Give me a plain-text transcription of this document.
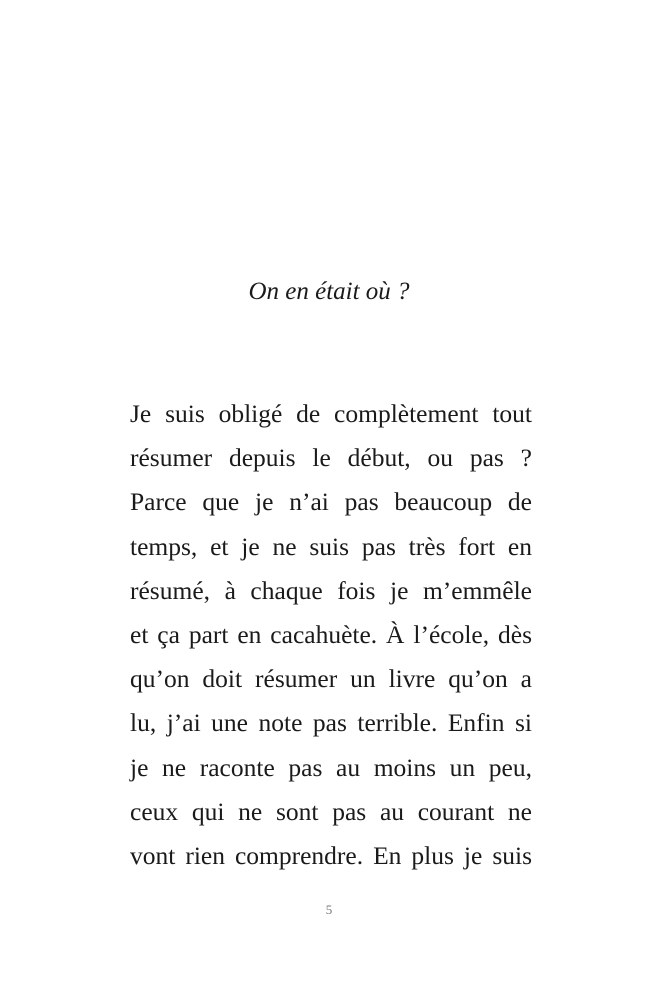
On en était où ?
Je suis obligé de complètement tout
résumer depuis le début, ou pas ?
Parce que je n’ai pas beaucoup de
temps, et je ne suis pas très fort en
résumé, à chaque fois je m’emmêle
et ça part en cacahuète. À l’école, dès
qu’on doit résumer un livre qu’on a
lu, j’ai une note pas terrible. Enfin si
je ne raconte pas au moins un peu,
ceux qui ne sont pas au courant ne
vont rien comprendre. En plus je suis

5
